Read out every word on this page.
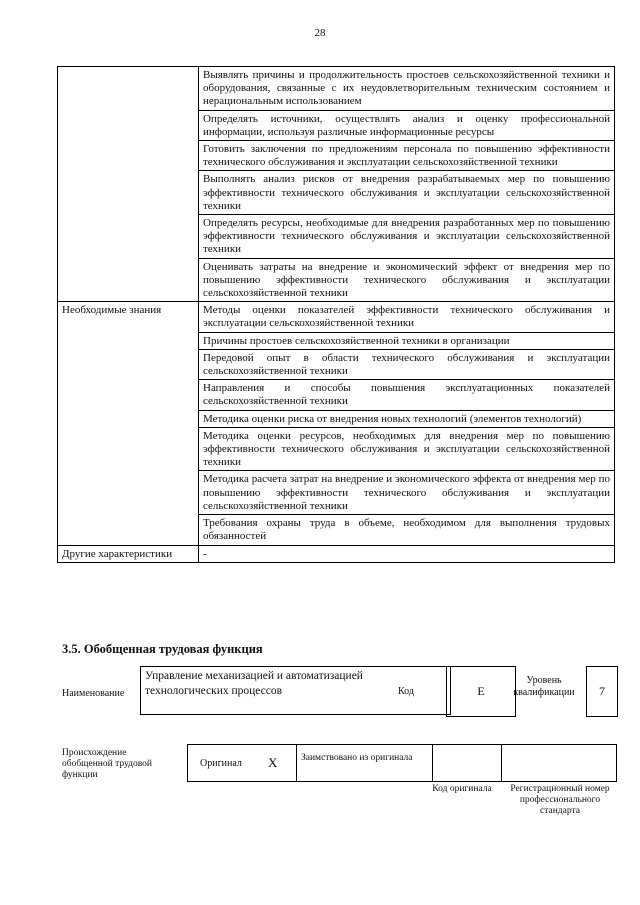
28
	Выявлять причины и продолжительность простоев сельскохозяйственной техники и оборудования, связанные с их неудовлетворительным техническим состоянием и нерациональным использованием
	Определять источники, осуществлять анализ и оценку профессиональной информации, используя различные информационные ресурсы
	Готовить заключения по предложениям персонала по повышению эффективности технического обслуживания и эксплуатации сельскохозяйственной техники
	Выполнять анализ рисков от внедрения разрабатываемых мер по повышению эффективности технического обслуживания и эксплуатации сельскохозяйственной техники
	Определять ресурсы, необходимые для внедрения разработанных мер по повышению эффективности технического обслуживания и эксплуатации сельскохозяйственной техники
	Оценивать затраты на внедрение и экономический эффект от внедрения мер по повышению эффективности технического обслуживания и эксплуатации сельскохозяйственной техники
Необходимые знания	Методы оценки показателей эффективности технического обслуживания и эксплуатации сельскохозяйственной техники
	Причины простоев сельскохозяйственной техники в организации
	Передовой опыт в области технического обслуживания и эксплуатации сельскохозяйственной техники
	Направления и способы повышения эксплуатационных показателей сельскохозяйственной техники
	Методика оценки риска от внедрения новых технологий (элементов технологий)
	Методика оценки ресурсов, необходимых для внедрения мер по повышению эффективности технического обслуживания и эксплуатации сельскохозяйственной техники
	Методика расчета затрат на внедрение и экономического эффекта от внедрения мер по повышению эффективности технического обслуживания и эксплуатации сельскохозяйственной техники
	Требования охраны труда в объеме, необходимом для выполнения трудовых обязанностей
Другие характеристики	-
3.5. Обобщенная трудовая функция
Наименование
Управление механизацией и автоматизацией технологических процессов	Код	E
Уровень квалификации	7
Происхождение обобщенной трудовой функции
Оригинал X Заимствовано из оригинала
Код оригинала	Регистрационный номер профессионального стандарта
